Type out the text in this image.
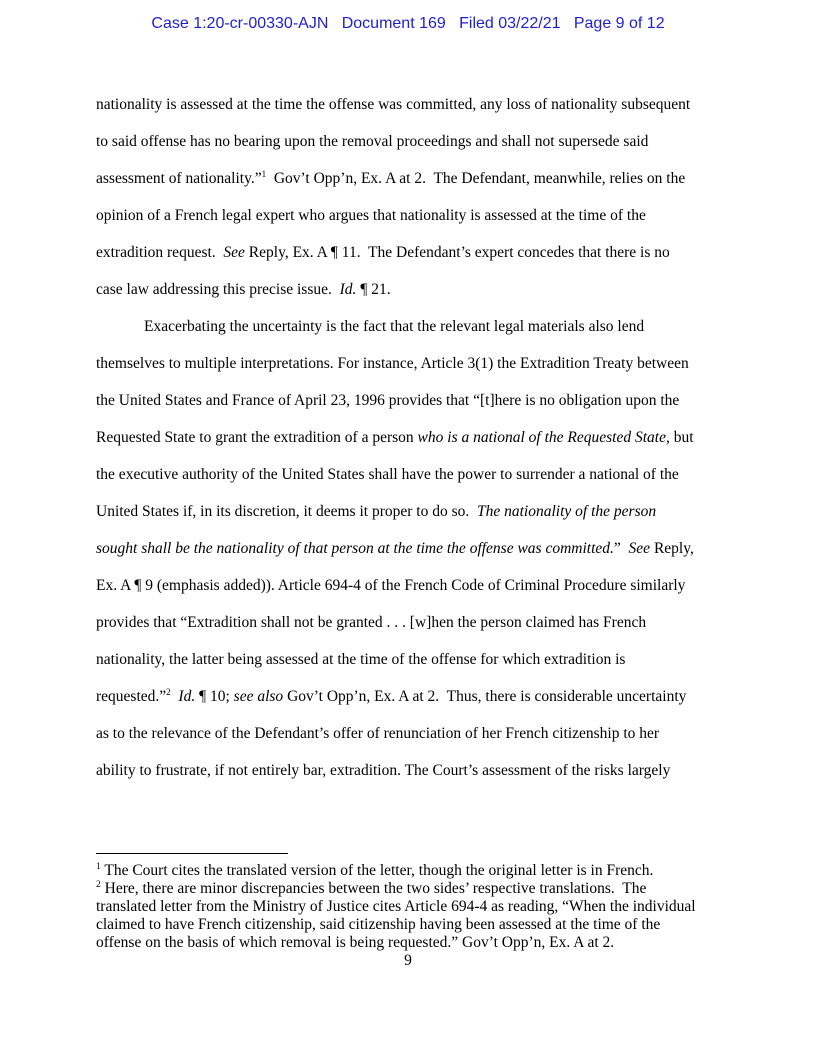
Case 1:20-cr-00330-AJN   Document 169   Filed 03/22/21   Page 9 of 12
nationality is assessed at the time the offense was committed, any loss of nationality subsequent
to said offense has no bearing upon the removal proceedings and shall not supersede said
assessment of nationality.”$^1$  Gov’t Opp’n, Ex. A at 2.  The Defendant, meanwhile, relies on the
opinion of a French legal expert who argues that nationality is assessed at the time of the
extradition request.  See Reply, Ex. A ¶ 11.  The Defendant’s expert concedes that there is no
case law addressing this precise issue.  Id. ¶ 21.
Exacerbating the uncertainty is the fact that the relevant legal materials also lend
themselves to multiple interpretations. For instance, Article 3(1) the Extradition Treaty between
the United States and France of April 23, 1996 provides that “[t]here is no obligation upon the
Requested State to grant the extradition of a person who is a national of the Requested State, but
the executive authority of the United States shall have the power to surrender a national of the
United States if, in its discretion, it deems it proper to do so.  The nationality of the person
sought shall be the nationality of that person at the time the offense was committed.”  See Reply,
Ex. A ¶ 9 (emphasis added)). Article 694-4 of the French Code of Criminal Procedure similarly
provides that “Extradition shall not be granted . . . [w]hen the person claimed has French
nationality, the latter being assessed at the time of the offense for which extradition is
requested.”$^2$ Id. ¶ 10; see also Gov’t Opp’n, Ex. A at 2.  Thus, there is considerable uncertainty
as to the relevance of the Defendant’s offer of renunciation of her French citizenship to her
ability to frustrate, if not entirely bar, extradition. The Court’s assessment of the risks largely
$^1$ The Court cites the translated version of the letter, though the original letter is in French.
$^2$ Here, there are minor discrepancies between the two sides’ respective translations.  The
translated letter from the Ministry of Justice cites Article 694-4 as reading, “When the individual
claimed to have French citizenship, said citizenship having been assessed at the time of the
offense on the basis of which removal is being requested.” Gov’t Opp’n, Ex. A at 2.
9
